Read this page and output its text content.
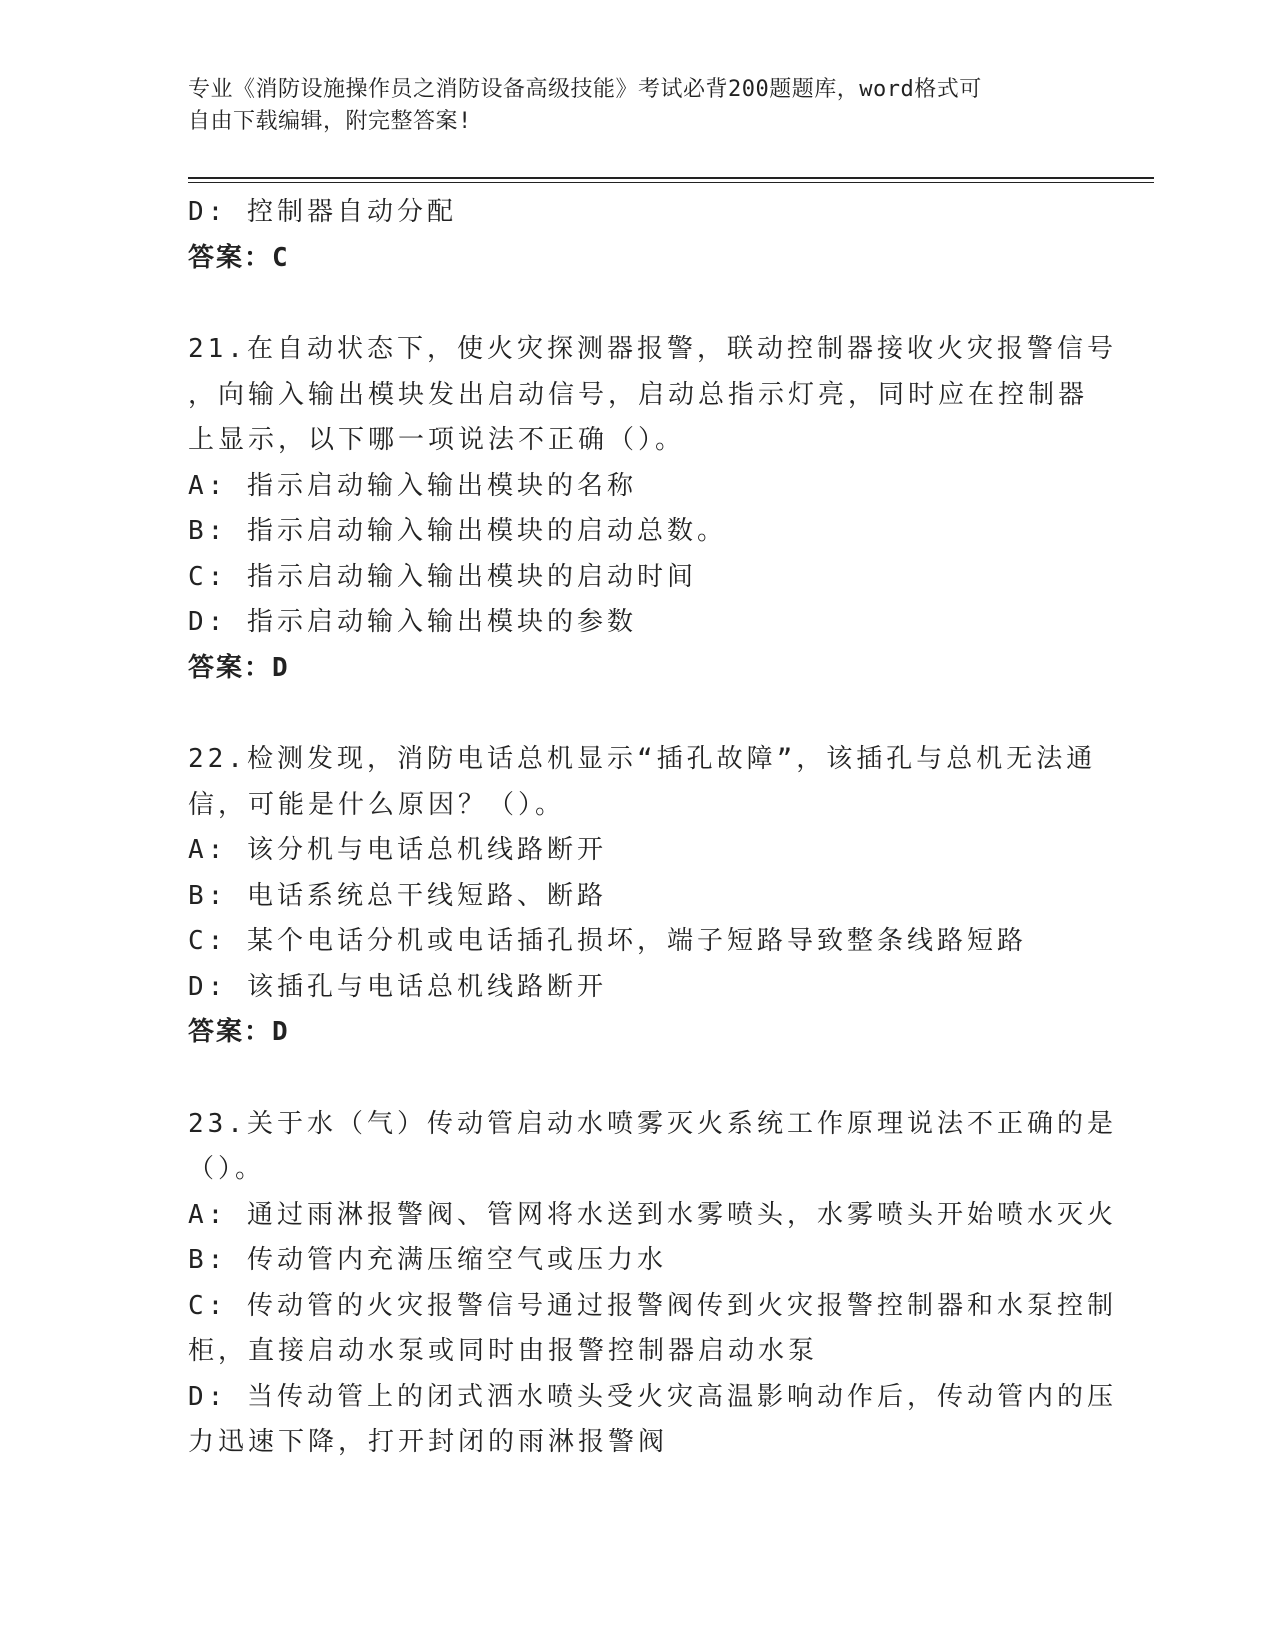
专业《消防设施操作员之消防设备高级技能》考试必背200题题库，word格式可
自由下载编辑，附完整答案!
D: 控制器自动分配
答案：C
21.在自动状态下，使火灾探测器报警，联动控制器接收火灾报警信号
，向输入输出模块发出启动信号，启动总指示灯亮，同时应在控制器
上显示，以下哪一项说法不正确（）。
A: 指示启动输入输出模块的名称
B: 指示启动输入输出模块的启动总数。
C: 指示启动输入输出模块的启动时间
D: 指示启动输入输出模块的参数
答案：D
22.检测发现，消防电话总机显示“插孔故障”，该插孔与总机无法通
信，可能是什么原因？（）。
A: 该分机与电话总机线路断开
B: 电话系统总干线短路、断路
C: 某个电话分机或电话插孔损坏，端子短路导致整条线路短路
D: 该插孔与电话总机线路断开
答案：D
23.关于水（气）传动管启动水喷雾灭火系统工作原理说法不正确的是
（）。
A: 通过雨淋报警阀、管网将水送到水雾喷头，水雾喷头开始喷水灭火
B: 传动管内充满压缩空气或压力水
C: 传动管的火灾报警信号通过报警阀传到火灾报警控制器和水泵控制
柜，直接启动水泵或同时由报警控制器启动水泵
D: 当传动管上的闭式洒水喷头受火灾高温影响动作后，传动管内的压
力迅速下降，打开封闭的雨淋报警阀
